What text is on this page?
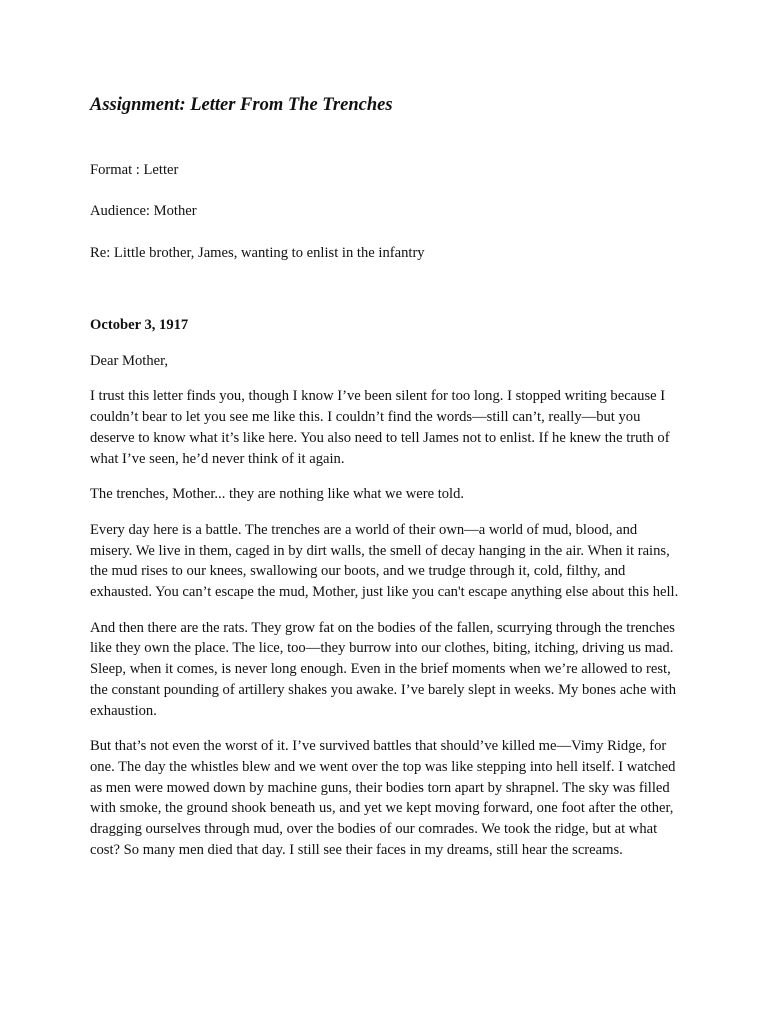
Assignment: Letter From The Trenches

Format : Letter

Audience: Mother

Re: Little brother, James, wanting to enlist in the infantry

October 3, 1917

Dear Mother,

I trust this letter finds you, though I know I’ve been silent for too long. I stopped writing because I couldn’t bear to let you see me like this. I couldn’t find the words—still can’t, really—but you deserve to know what it’s like here. You also need to tell James not to enlist. If he knew the truth of what I’ve seen, he’d never think of it again.

The trenches, Mother... they are nothing like what we were told.

Every day here is a battle. The trenches are a world of their own—a world of mud, blood, and misery. We live in them, caged in by dirt walls, the smell of decay hanging in the air. When it rains, the mud rises to our knees, swallowing our boots, and we trudge through it, cold, filthy, and exhausted. You can’t escape the mud, Mother, just like you can't escape anything else about this hell.

And then there are the rats. They grow fat on the bodies of the fallen, scurrying through the trenches like they own the place. The lice, too—they burrow into our clothes, biting, itching, driving us mad. Sleep, when it comes, is never long enough. Even in the brief moments when we’re allowed to rest, the constant pounding of artillery shakes you awake. I’ve barely slept in weeks. My bones ache with exhaustion.

But that’s not even the worst of it. I’ve survived battles that should’ve killed me—Vimy Ridge, for one. The day the whistles blew and we went over the top was like stepping into hell itself. I watched as men were mowed down by machine guns, their bodies torn apart by shrapnel. The sky was filled with smoke, the ground shook beneath us, and yet we kept moving forward, one foot after the other, dragging ourselves through mud, over the bodies of our comrades. We took the ridge, but at what cost? So many men died that day. I still see their faces in my dreams, still hear the screams.
